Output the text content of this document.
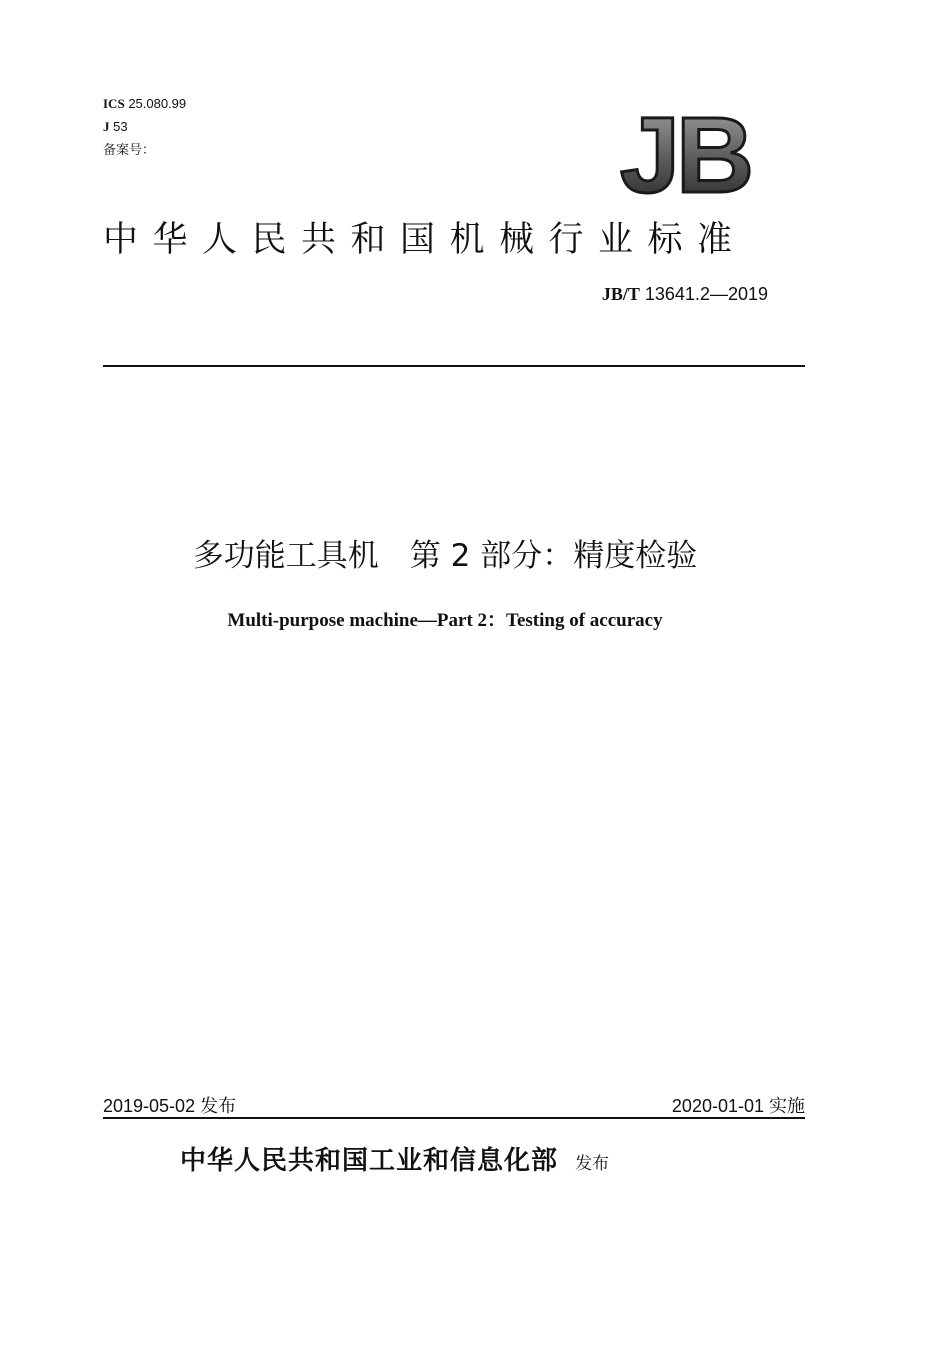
ICS 25.080.99
J 53
备案号：	JB
中华人民共和国机械行业标准
JB/T 13641.2—2019
多功能工具机　第 2 部分：精度检验
Multi-purpose machine—Part 2：Testing of accuracy
2019-05-02 发布	2020-01-01 实施
中华人民共和国工业和信息化部 发布
